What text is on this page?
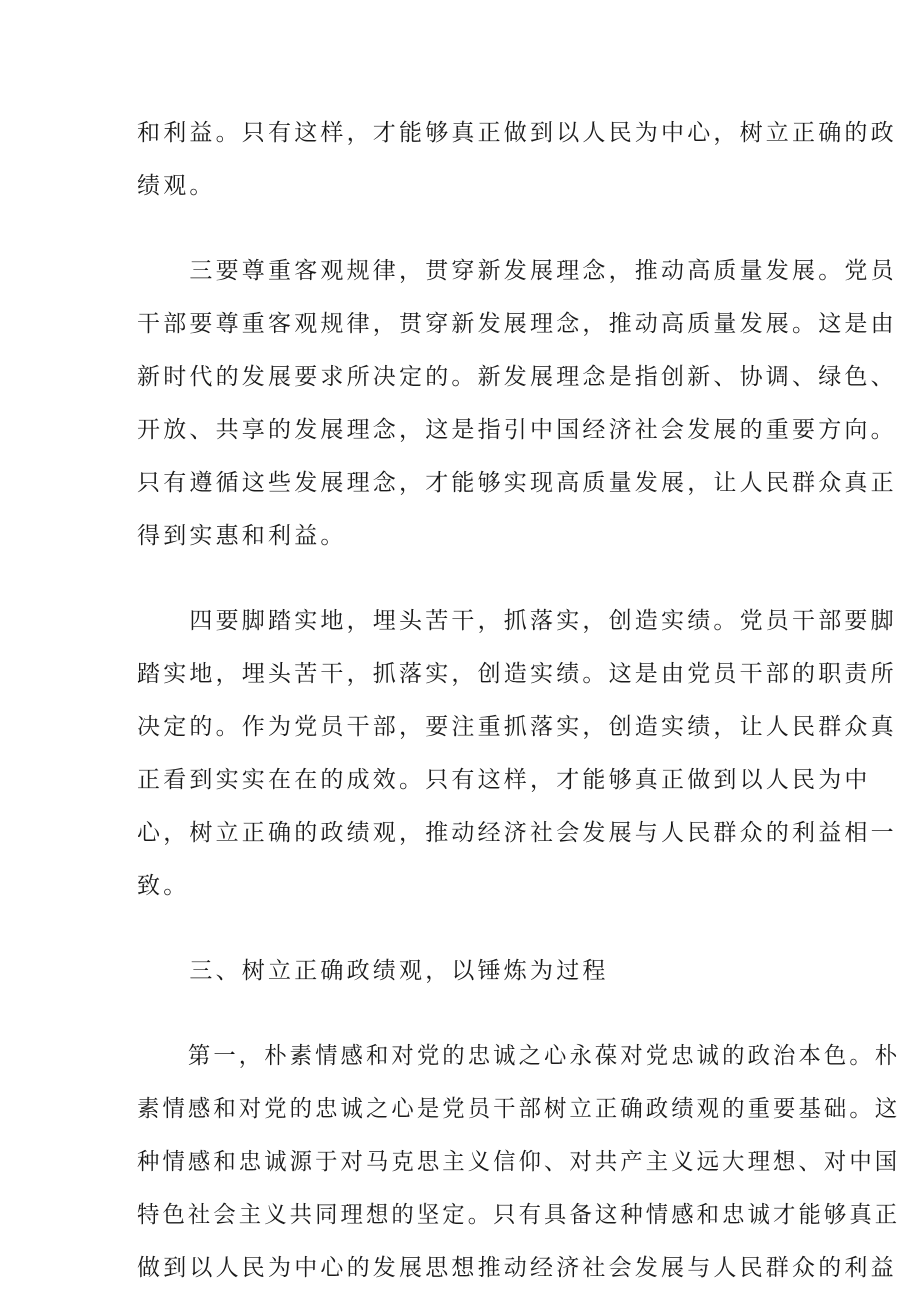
和利益。只有这样，才能够真正做到以人民为中心，树立正确的政
绩观。
　　三要尊重客观规律，贯穿新发展理念，推动高质量发展。党员
干部要尊重客观规律，贯穿新发展理念，推动高质量发展。这是由
新时代的发展要求所决定的。新发展理念是指创新、协调、绿色、
开放、共享的发展理念，这是指引中国经济社会发展的重要方向。
只有遵循这些发展理念，才能够实现高质量发展，让人民群众真正
得到实惠和利益。
　　四要脚踏实地，埋头苦干，抓落实，创造实绩。党员干部要脚
踏实地，埋头苦干，抓落实，创造实绩。这是由党员干部的职责所
决定的。作为党员干部，要注重抓落实，创造实绩，让人民群众真
正看到实实在在的成效。只有这样，才能够真正做到以人民为中
心，树立正确的政绩观，推动经济社会发展与人民群众的利益相一
致。
　　三、树立正确政绩观，以锤炼为过程
　　第一，朴素情感和对党的忠诚之心永葆对党忠诚的政治本色。朴
素情感和对党的忠诚之心是党员干部树立正确政绩观的重要基础。这
种情感和忠诚源于对马克思主义信仰、对共产主义远大理想、对中国
特色社会主义共同理想的坚定。只有具备这种情感和忠诚才能够真正
做到以人民为中心的发展思想推动经济社会发展与人民群众的利益
